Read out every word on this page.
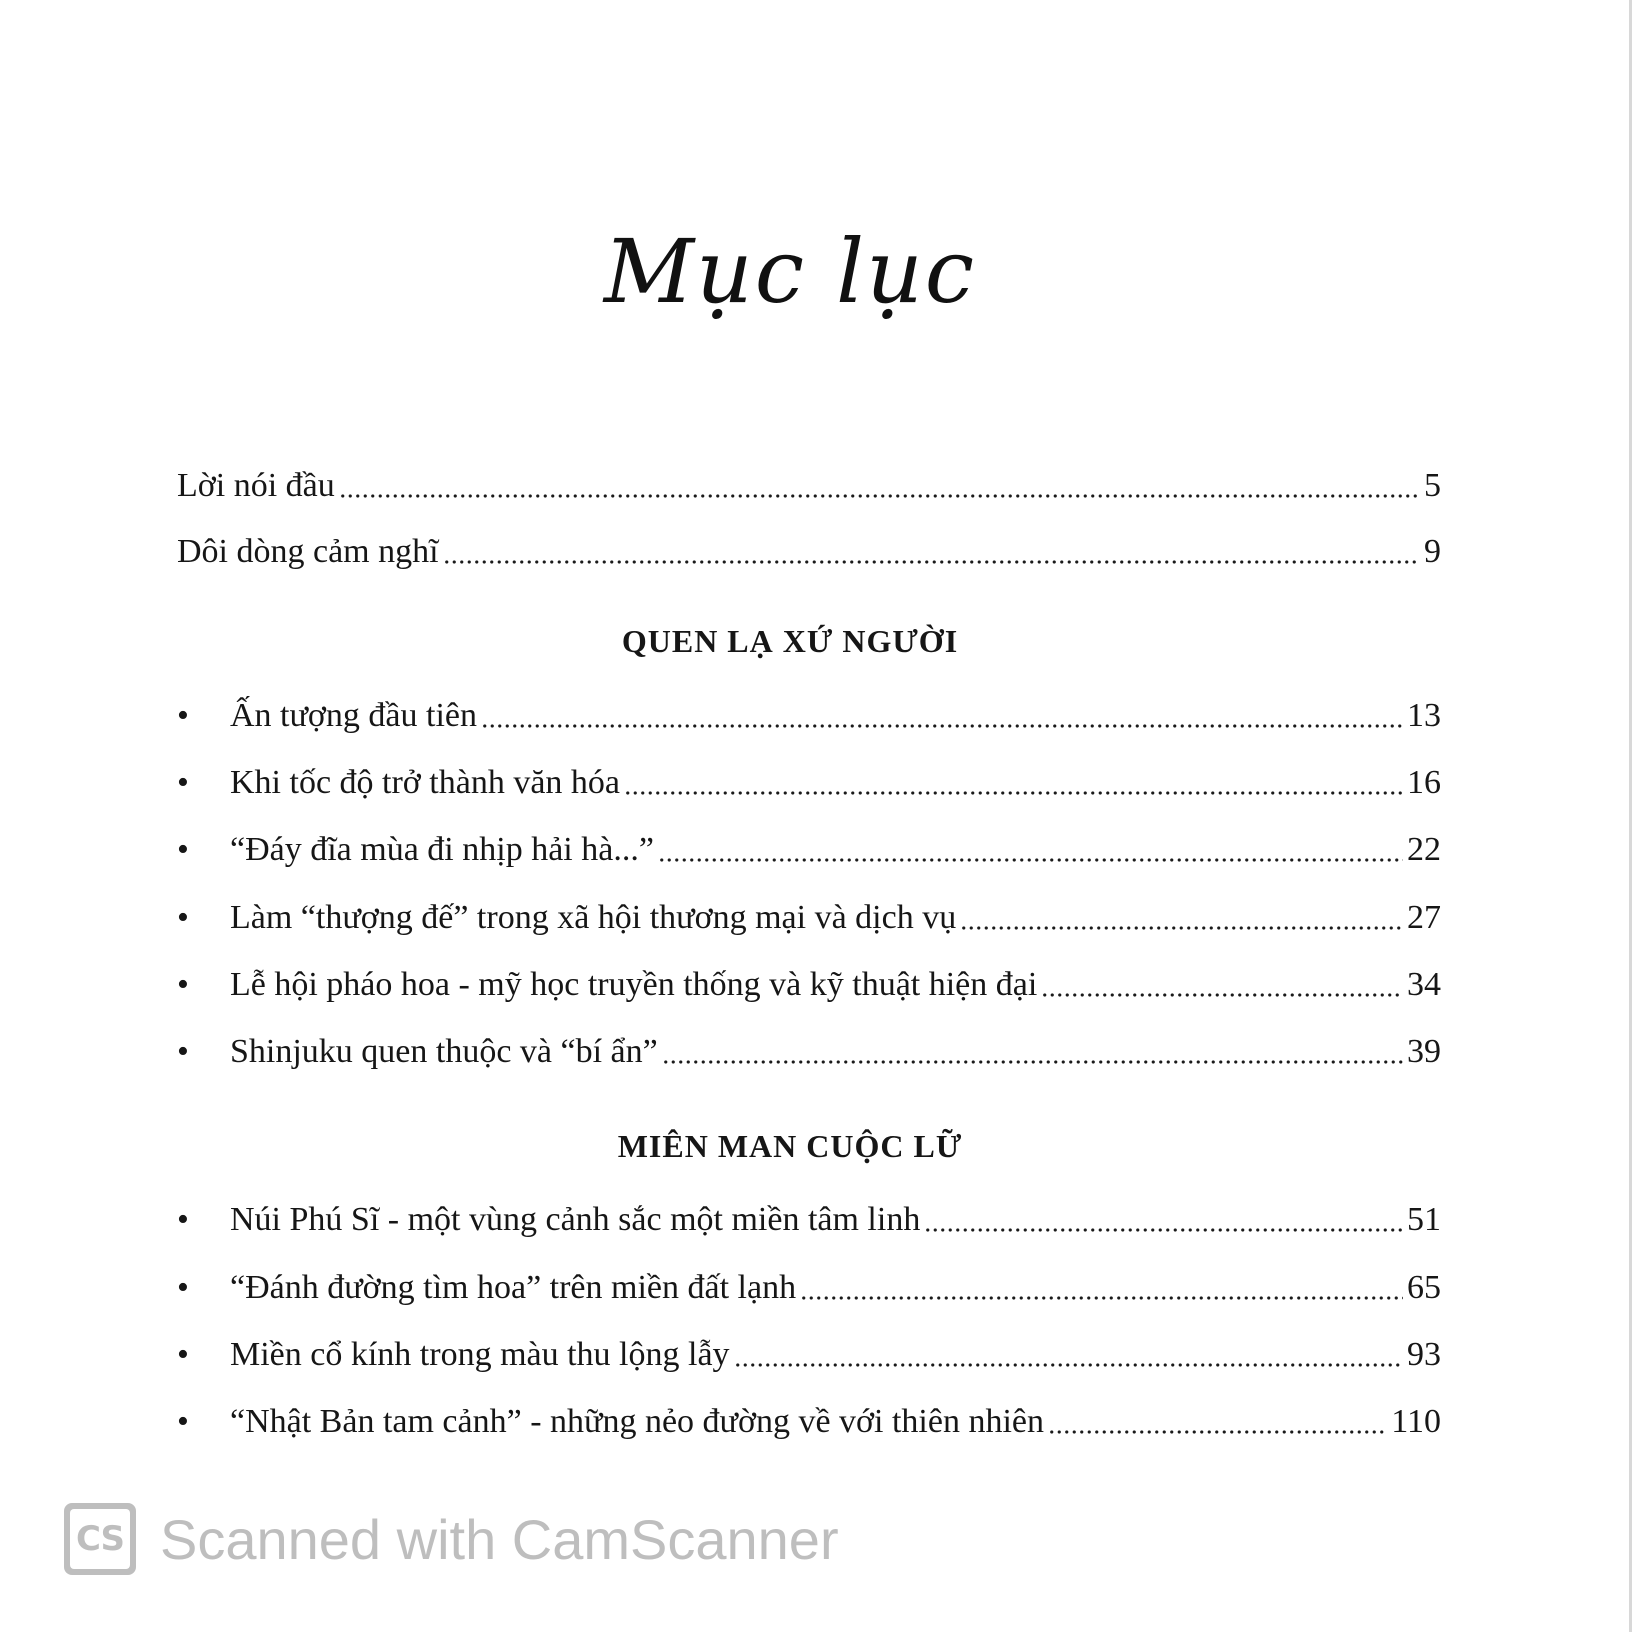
Mục lục
Lời nói đầu	5
Dôi dòng cảm nghĩ	9
QUEN LẠ XỨ NGƯỜI
•	Ấn tượng đầu tiên	13
•	Khi tốc độ trở thành văn hóa	16
•	“Đáy đĩa mùa đi nhịp hải hà...”	22
•	Làm “thượng đế” trong xã hội thương mại và dịch vụ	27
•	Lễ hội pháo hoa - mỹ học truyền thống và kỹ thuật hiện đại	34
•	Shinjuku quen thuộc và “bí ẩn”	39
MIÊN MAN CUỘC LỮ
•	Núi Phú Sĩ - một vùng cảnh sắc một miền tâm linh	51
•	“Đánh đường tìm hoa” trên miền đất lạnh	65
•	Miền cổ kính trong màu thu lộng lẫy	93
•	“Nhật Bản tam cảnh” - những nẻo đường về với thiên nhiên	110
CS Scanned with CamScanner
